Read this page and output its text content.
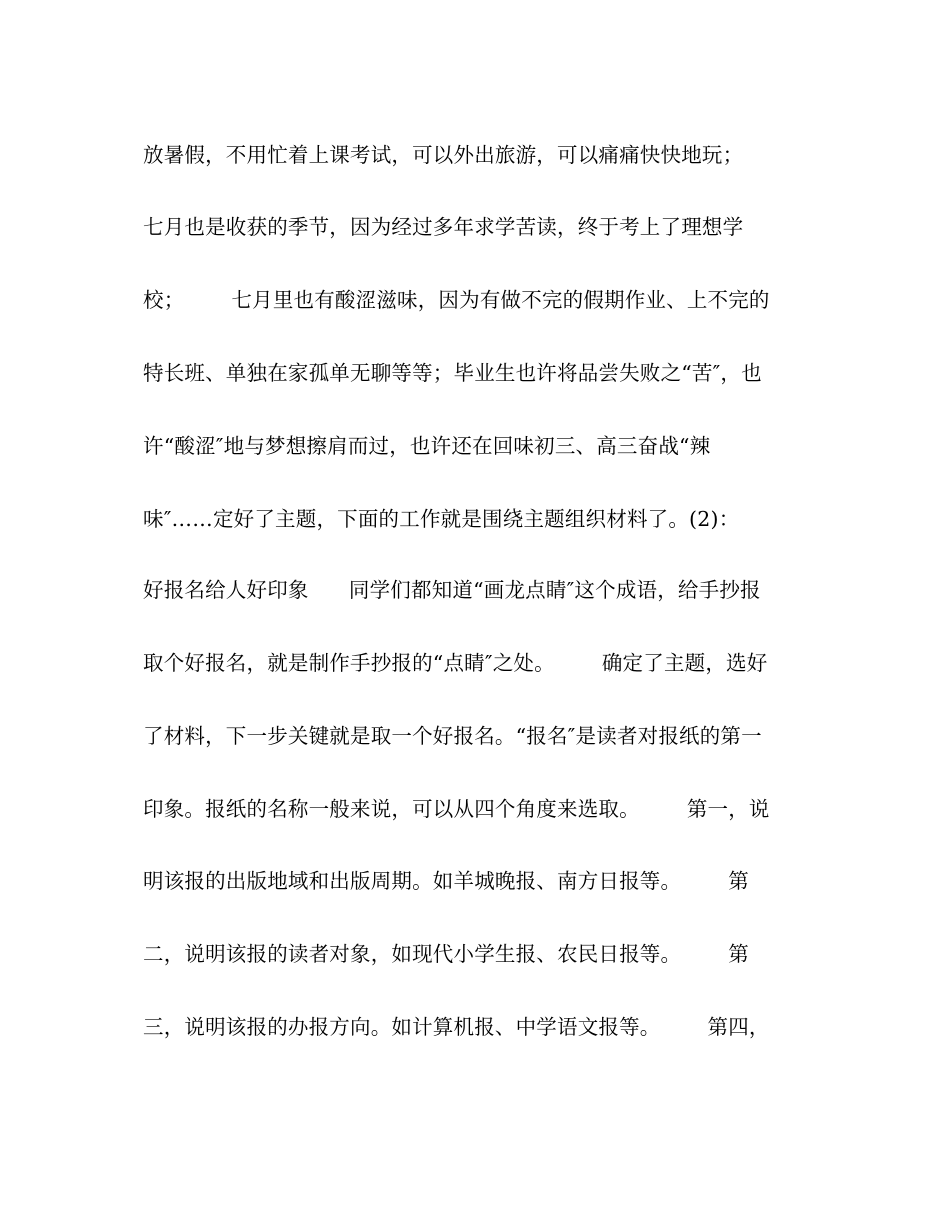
放暑假，不用忙着上课考试，可以外出旅游，可以痛痛快快地玩；
七月也是收获的季节，因为经过多年求学苦读，终于考上了理想学
校；       七月里也有酸涩滋味，因为有做不完的假期作业、上不完的
特长班、单独在家孤单无聊等等；毕业生也许将品尝失败之“苦″，也
许“酸涩″地与梦想擦肩而过，也许还在回味初三、高三奋战“辣
味″……定好了主题，下面的工作就是围绕主题组织材料了。(2)：
好报名给人好印象      同学们都知道“画龙点睛″这个成语，给手抄报
取个好报名，就是制作手抄报的“点睛″之处。       确定了主题，选好
了材料，下一步关键就是取一个好报名。“报名″是读者对报纸的第一
印象。报纸的名称一般来说，可以从四个角度来选取。       第一，说
明该报的出版地域和出版周期。如羊城晚报、南方日报等。       第
二，说明该报的读者对象，如现代小学生报、农民日报等。       第
三，说明该报的办报方向。如计算机报、中学语文报等。       第四，
